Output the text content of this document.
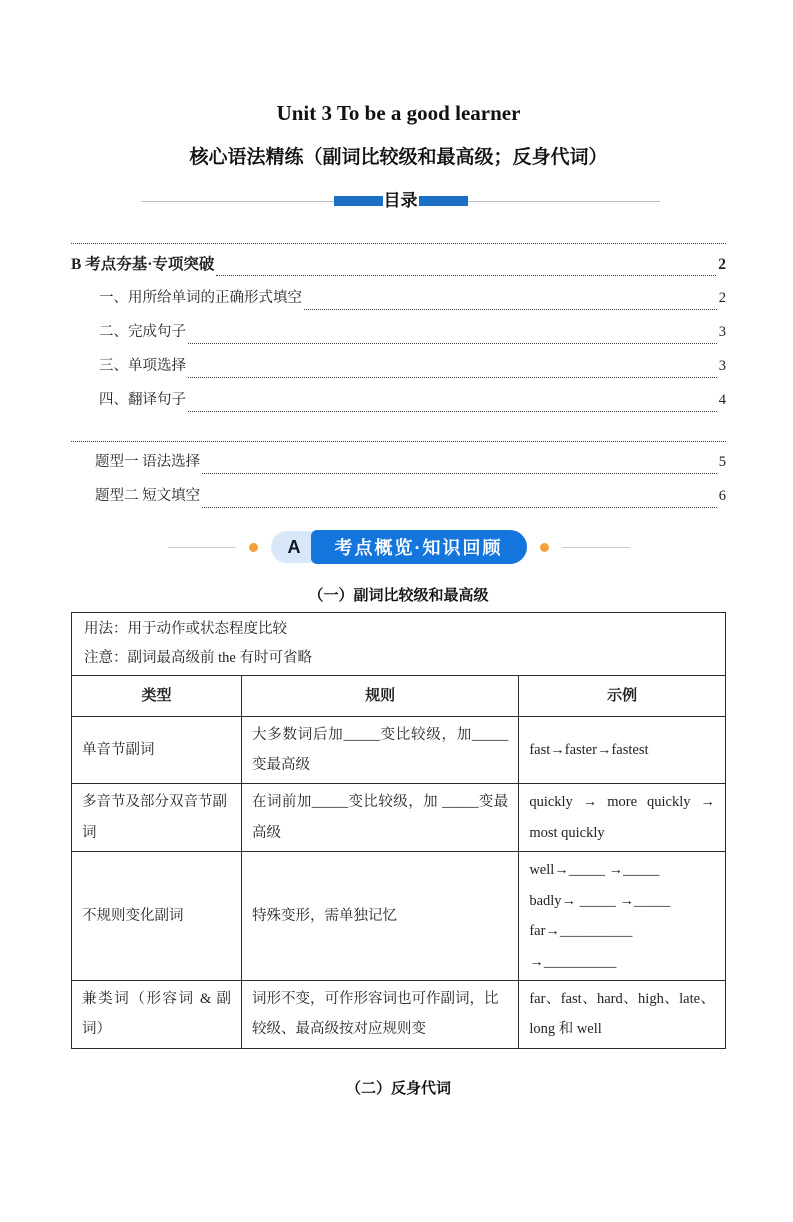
Unit 3 To be a good learner
核心语法精练（副词比较级和最高级；反身代词）
目录
B 考点夯基·专项突破	2
一、用所给单词的正确形式填空	2
二、完成句子	3
三、单项选择	3
四、翻译句子	4
题型一 语法选择	5
题型二 短文填空	6
A	考点概览·知识回顾
（一）副词比较级和最高级
用法：用于动作或状态程度比较
注意：副词最高级前 the 有时可省略		

类型	规则	示例
单音节副词	大多数词后加_____变比较级，加_____变最高级	fast→faster→fastest

多音节及部分双音节副词	在词前加_____变比较级，加 _____变最高级	quickly → more quickly → most quickly

不规则变化副词	特殊变形，需单独记忆	well→_____ →_____
badly→ _____ →_____
far→__________ →__________

兼类词（形容词 & 副词）	词形不变，可作形容词也可作副词，比较级、最高级按对应规则变	far、fast、hard、high、late、long 和 well
（二）反身代词
